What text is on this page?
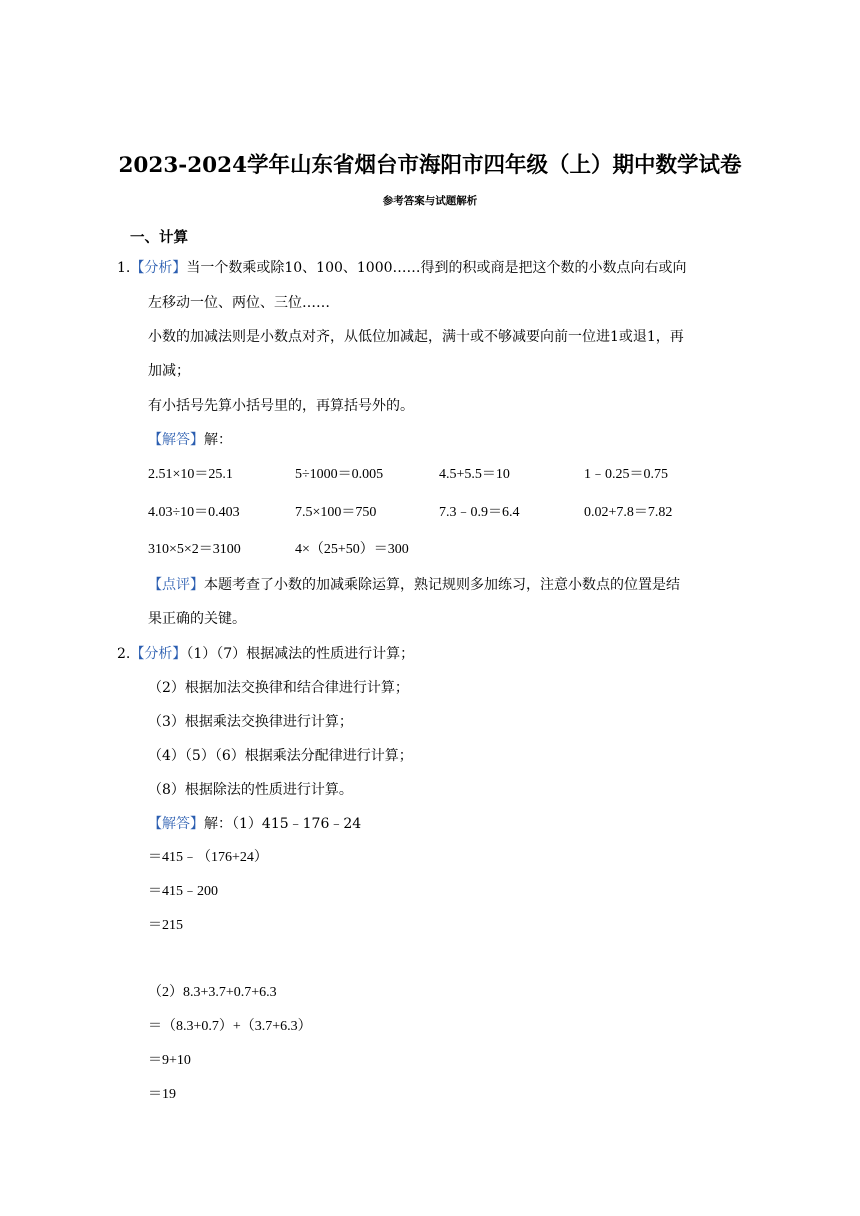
2023-2024学年山东省烟台市海阳市四年级（上）期中数学试卷
参考答案与试题解析
一、计算
1.【分析】当一个数乘或除10、100、1000……得到的积或商是把这个数的小数点向右或向
左移动一位、两位、三位……
小数的加减法则是小数点对齐，从低位加减起，满十或不够减要向前一位进1或退1，再
加减；
有小括号先算小括号里的，再算括号外的。
【解答】解：
2.51×10＝25.1	5÷1000＝0.005	4.5+5.5＝10	1﹣0.25＝0.75
4.03÷10＝0.403	7.5×100＝750	7.3﹣0.9＝6.4	0.02+7.8＝7.82
310×5×2＝3100	4×（25+50）＝300
【点评】本题考查了小数的加减乘除运算，熟记规则多加练习，注意小数点的位置是结
果正确的关键。
2.【分析】（1）（7）根据减法的性质进行计算；
（2）根据加法交换律和结合律进行计算；
（3）根据乘法交换律进行计算；
（4）（5）（6）根据乘法分配律进行计算；
（8）根据除法的性质进行计算。
【解答】解：（1）415﹣176﹣24
＝415﹣（176+24）
＝415﹣200
＝215
（2）8.3+3.7+0.7+6.3
＝（8.3+0.7）+（3.7+6.3）
＝9+10
＝19
